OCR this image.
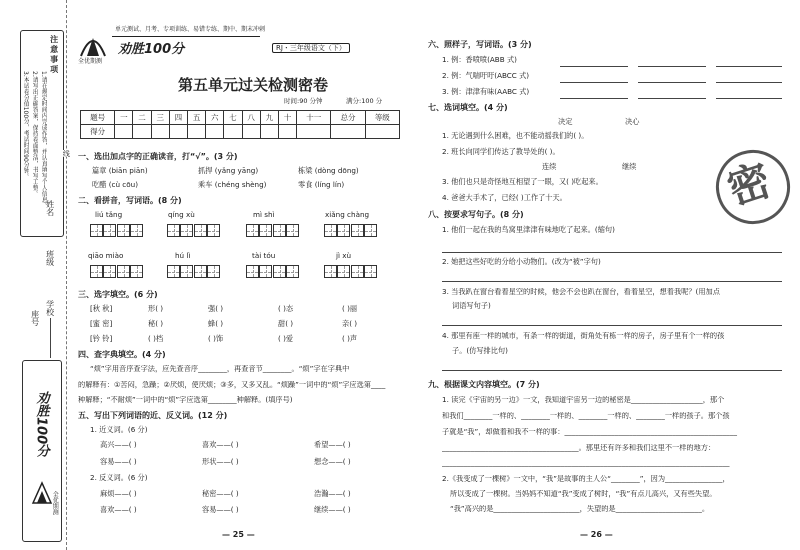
注意事项
1.请在规定时间内完成作答，并认真填写个人信息。
2.请写出正确答案，保持卷面整洁，书写工整。
3.本试卷分值100分，考试时间90分钟。	线
学校
班级
姓名
座号
劝胜100分
全优期测
全优期测
单元测试、月考、专项训练、易错专练、期中、期末冲刺
劝胜100分	RJ・三年级语文（下）
第五单元过关检测密卷
时间:90 分钟	满分:100 分
题号	一	二	三	四	五	六	七	八	九	十	十一	总分	等级
得分													
一、选出加点字的正确读音，打“√”。(3 分)
篇章 (biān piān)	抓捍 (yǎng yāng)	栋梁 (dòng dōng)
吃醋 (cù cōu)	乘车 (chéng shèng)	零食 (líng lín)
二、看拼音，写词语。(8 分)
liú tǎng	qíng xù	mì shì	xiǎng chàng
qiāo miào	hú lì	tài tóu	jì xù
三、选字填空。(6 分)
[秋 秋]	形( )	强( )	( )态	( )丽
[蜜 密]	秘( )	蜂( )	甜( )	亲( )
[钤 铃]	( )档	( )饰	( )爱	( )声
四、查字典填空。(4 分)
“烦”字用音序查字法，应先查音序________，再查音节________。“烦”字在字典中
的解释有：①苦闷，急躁；②厌烦，使厌烦；③多，又多又乱。“烦躁”一词中的“烦”字应选第____
种解释；“不耐烦”一词中的“烦”字应选第________种解释。(填序号)
五、写出下列词语的近、反义词。(12 分)
1. 近义词。(6 分)
高兴——( )	喜欢——( )	希望——( )
容易——( )	形状——( )	想念——( )
2. 反义词。(6 分)
麻烦——( )	秘密——( )	浩瀚——( )
喜欢——( )	容易——( )	继续——( )
— 25 —
六、照样子，写词语。(3 分)
1. 例：香喷喷(ABB 式)
2. 例：气喘吁吁(ABCC 式)
3. 例：津津有味(AABC 式)
七、选词填空。(4 分)
决定	决心
1. 无论遇到什么困难，也不能动摇我们的( )。
2. 班长向同学们传达了教导处的( )。
连续	继续
3. 他们也只是奇怪地互相望了一眼，又( )吃起来。
4. 爸爸大手术了，已经( )工作了十天。	密
八、按要求写句子。(8 分)
1. 他们一起在我的鸟窝里津津有味地吃了起来。(缩句)
2. 她把这些好吃的分给小动物们。(改为“被”字句)
3. 当我趴在窗台看着星空的时候，他会不会也趴在窗台，看着星空，想着我呢？(用加点
词语写句子)
4. 那里有座一样的城市，有条一样的街道，街角处有栋一样的房子，房子里有个一样的孩
子。(仿写排比句)
九、根据课文内容填空。(7 分)
1. 读完《宇宙的另一边》一文，我知道宇宙另一边的秘密是____________________，那个
和我们________一样的、________一样的、________一样的、________一样的孩子。那个孩
子就是“我”，却做着和我不一样的事：________________________________________________
______________________________________。那里还有许多和我们这里不一样的地方：
________________________________________________________________________________
2.《我变成了一棵树》一文中，“我”是故事的主人公“________”，因为________________，
所以变成了一棵树。当妈妈不知道“我”变成了树时，“我”有点儿高兴，又有些失望。
“我”高兴的是________________________，失望的是________________________。
— 26 —
